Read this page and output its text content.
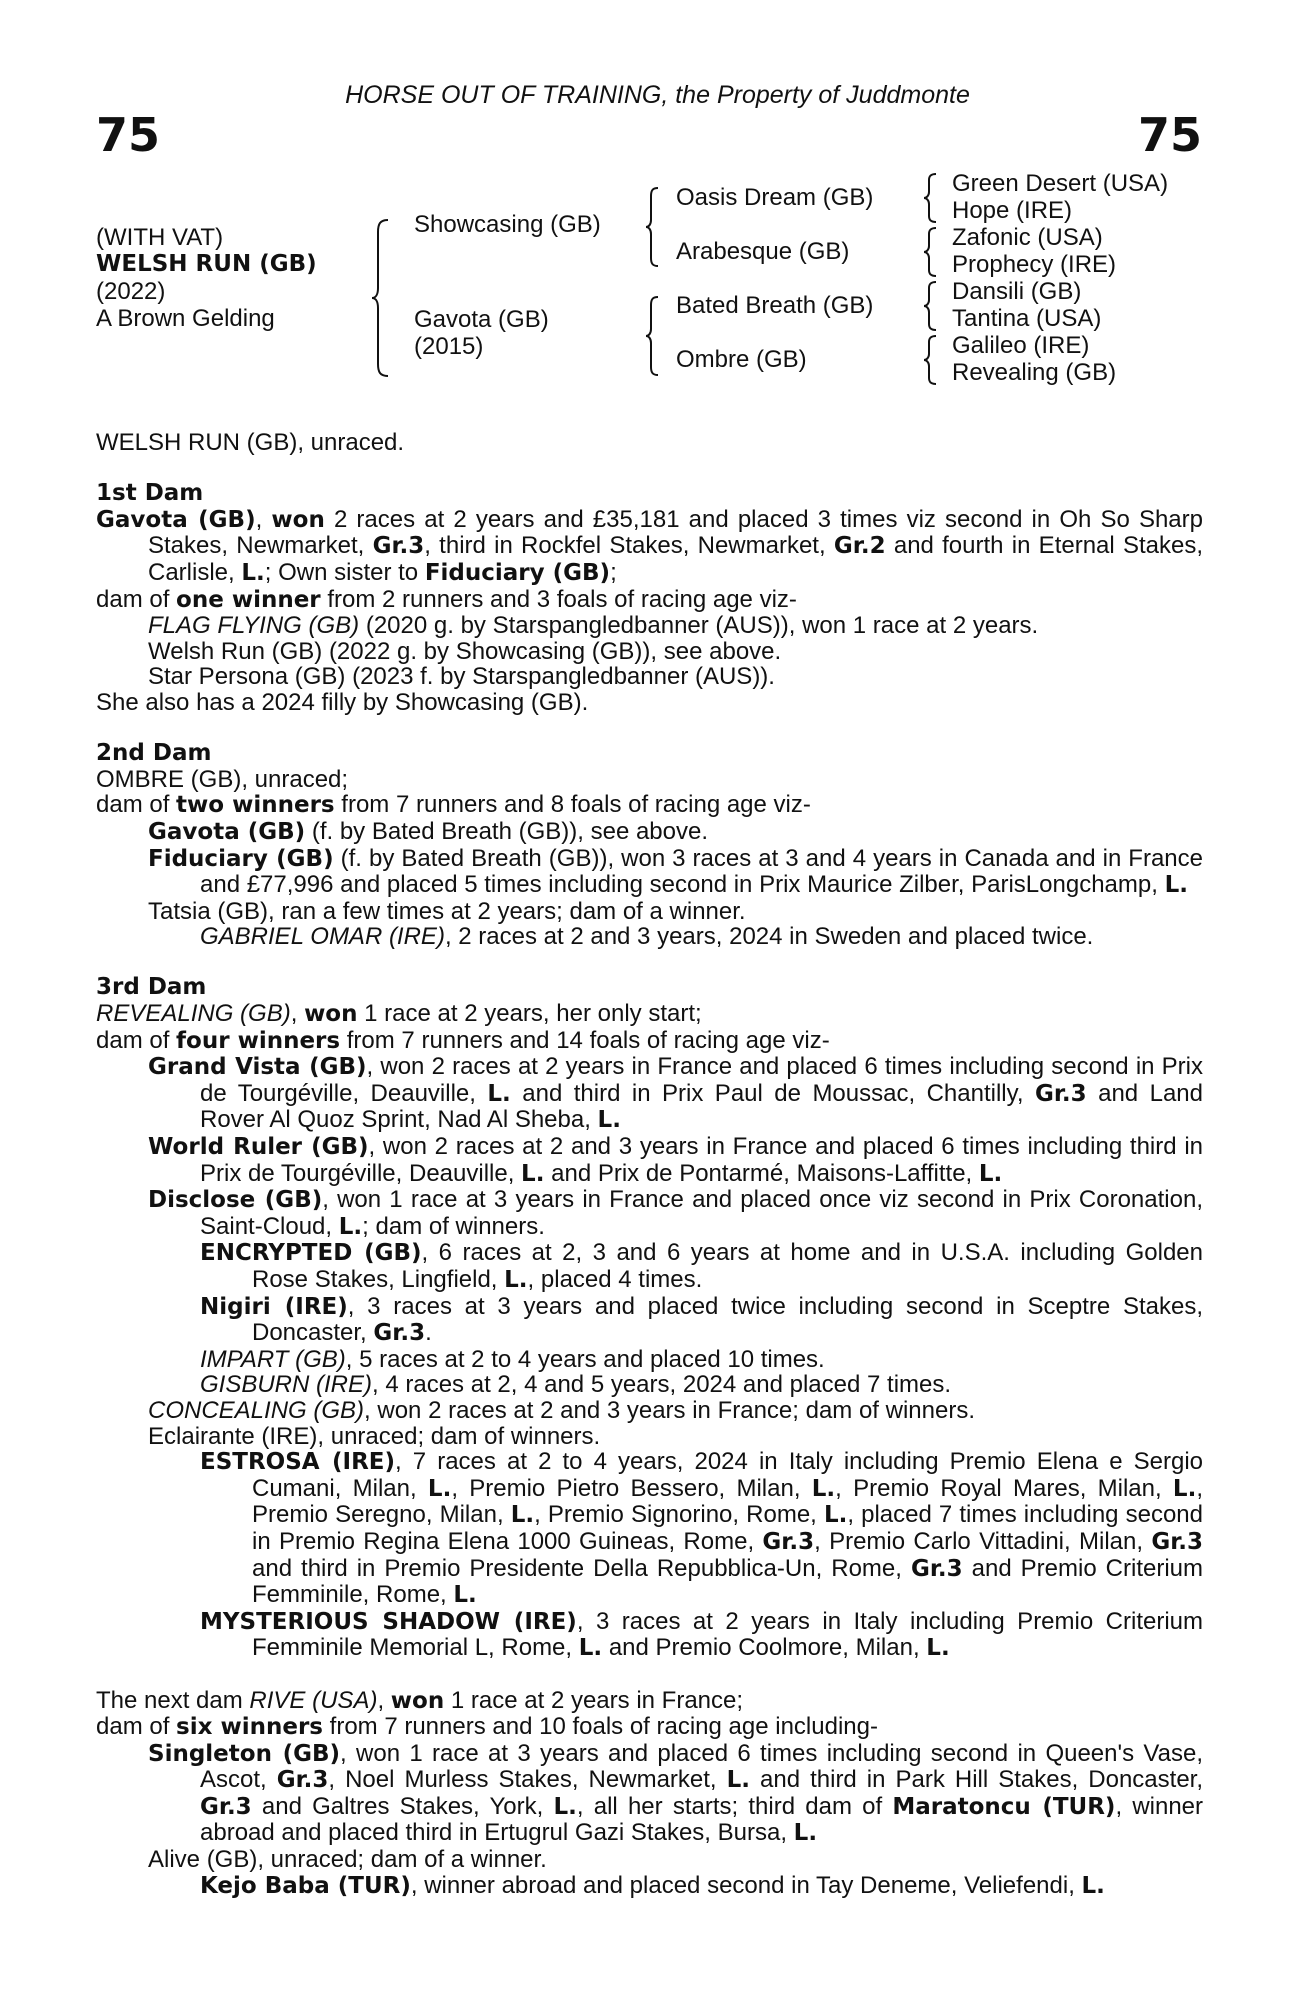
HORSE OUT OF TRAINING, the Property of Juddmonte
75	75
(WITH VAT)
WELSH RUN (GB)
(2022)
A Brown Gelding
Showcasing (GB)
Gavota (GB)
(2015)
Oasis Dream (GB)
Arabesque (GB)
Bated Breath (GB)
Ombre (GB)
Green Desert (USA)
Hope (IRE)
Zafonic (USA)
Prophecy (IRE)
Dansili (GB)
Tantina (USA)
Galileo (IRE)
Revealing (GB)

WELSH RUN (GB), unraced.

1st Dam

Gavota (GB), won 2 races at 2 years and £35,181 and placed 3 times viz second in Oh So Sharp Stakes, Newmarket, Gr.3, third in Rockfel Stakes, Newmarket, Gr.2 and fourth in Eternal Stakes, Carlisle, L.; Own sister to Fiduciary (GB);

dam of one winner from 2 runners and 3 foals of racing age viz-

FLAG FLYING (GB) (2020 g. by Starspangledbanner (AUS)), won 1 race at 2 years.

Welsh Run (GB) (2022 g. by Showcasing (GB)), see above.

Star Persona (GB) (2023 f. by Starspangledbanner (AUS)).

She also has a 2024 filly by Showcasing (GB).

2nd Dam

OMBRE (GB), unraced;

dam of two winners from 7 runners and 8 foals of racing age viz-

Gavota (GB) (f. by Bated Breath (GB)), see above.

Fiduciary (GB) (f. by Bated Breath (GB)), won 3 races at 3 and 4 years in Canada and in France and £77,996 and placed 5 times including second in Prix Maurice Zilber, ParisLongchamp, L.

Tatsia (GB), ran a few times at 2 years; dam of a winner.

GABRIEL OMAR (IRE), 2 races at 2 and 3 years, 2024 in Sweden and placed twice.

3rd Dam

REVEALING (GB), won 1 race at 2 years, her only start;

dam of four winners from 7 runners and 14 foals of racing age viz-

Grand Vista (GB), won 2 races at 2 years in France and placed 6 times including second in Prix de Tourgéville, Deauville, L. and third in Prix Paul de Moussac, Chantilly, Gr.3 and Land Rover Al Quoz Sprint, Nad Al Sheba, L.

World Ruler (GB), won 2 races at 2 and 3 years in France and placed 6 times including third in Prix de Tourgéville, Deauville, L. and Prix de Pontarmé, Maisons-Laffitte, L.

Disclose (GB), won 1 race at 3 years in France and placed once viz second in Prix Coronation, Saint-Cloud, L.; dam of winners.

ENCRYPTED (GB), 6 races at 2, 3 and 6 years at home and in U.S.A. including Golden Rose Stakes, Lingfield, L., placed 4 times.

Nigiri (IRE), 3 races at 3 years and placed twice including second in Sceptre Stakes, Doncaster, Gr.3.

IMPART (GB), 5 races at 2 to 4 years and placed 10 times.

GISBURN (IRE), 4 races at 2, 4 and 5 years, 2024 and placed 7 times.

CONCEALING (GB), won 2 races at 2 and 3 years in France; dam of winners.

Eclairante (IRE), unraced; dam of winners.

ESTROSA (IRE), 7 races at 2 to 4 years, 2024 in Italy including Premio Elena e Sergio Cumani, Milan, L., Premio Pietro Bessero, Milan, L., Premio Royal Mares, Milan, L., Premio Seregno, Milan, L., Premio Signorino, Rome, L., placed 7 times including second in Premio Regina Elena 1000 Guineas, Rome, Gr.3, Premio Carlo Vittadini, Milan, Gr.3 and third in Premio Presidente Della Repubblica-Un, Rome, Gr.3 and Premio Criterium Femminile, Rome, L.

MYSTERIOUS SHADOW (IRE), 3 races at 2 years in Italy including Premio Criterium Femminile Memorial L, Rome, L. and Premio Coolmore, Milan, L.

The next dam RIVE (USA), won 1 race at 2 years in France;

dam of six winners from 7 runners and 10 foals of racing age including-

Singleton (GB), won 1 race at 3 years and placed 6 times including second in Queen's Vase, Ascot, Gr.3, Noel Murless Stakes, Newmarket, L. and third in Park Hill Stakes, Doncaster, Gr.3 and Galtres Stakes, York, L., all her starts; third dam of Maratoncu (TUR), winner abroad and placed third in Ertugrul Gazi Stakes, Bursa, L.

Alive (GB), unraced; dam of a winner.

Kejo Baba (TUR), winner abroad and placed second in Tay Deneme, Veliefendi, L.
